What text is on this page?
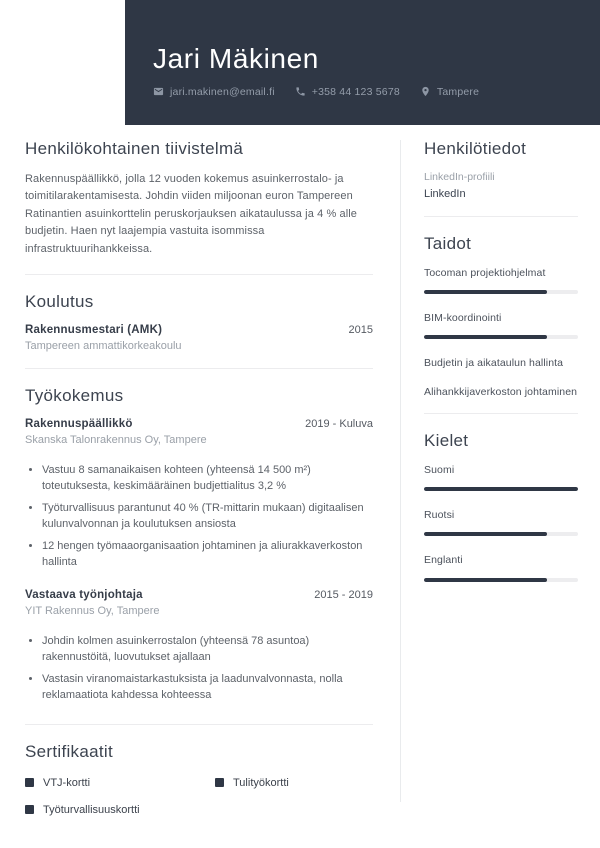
Jari Mäkinen
jari.makinen@email.fi	+358 44 123 5678	Tampere
Henkilökohtainen tiivistelmä

Rakennuspäällikkö, jolla 12 vuoden kokemus asuinkerrostalo- ja toimitilarakentamisesta. Johdin viiden miljoonan euron Tampereen Ratinantien asuinkorttelin peruskorjauksen aikataulussa ja 4 % alle budjetin. Haen nyt laajempia vastuita isommissa infrastruktuurihankkeissa.

Koulutus
Rakennusmestari (AMK)	2015
Tampereen ammattikorkeakoulu
Työkokemus
Rakennuspäällikkö	2019 - Kuluva
Skanska Talonrakennus Oy, Tampere
• Vastuu 8 samanaikaisen kohteen (yhteensä 14 500 m²) toteutuksesta, keskimääräinen budjettialitus 3,2 %
• Työturvallisuus parantunut 40 % (TR-mittarin mukaan) digitaalisen kulunvalvonnan ja koulutuksen ansiosta
• 12 hengen työmaaorganisaation johtaminen ja aliurakkaverkoston hallinta
Vastaava työnjohtaja	2015 - 2019
YIT Rakennus Oy, Tampere
• Johdin kolmen asuinkerrostalon (yhteensä 78 asuntoa) rakennustöitä, luovutukset ajallaan
• Vastasin viranomaistarkastuksista ja laadunvalvonnasta, nolla reklamaatiota kahdessa kohteessa
Sertifikaatit
VTJ-kortti	Tulityökortti
Työturvallisuuskortti
Henkilötiedot
LinkedIn-profiili
LinkedIn
Taidot
Tocoman projektiohjelmat
BIM-koordinointi
Budjetin ja aikataulun hallinta
Alihankkijaverkoston johtaminen
Kielet
Suomi
Ruotsi
Englanti
